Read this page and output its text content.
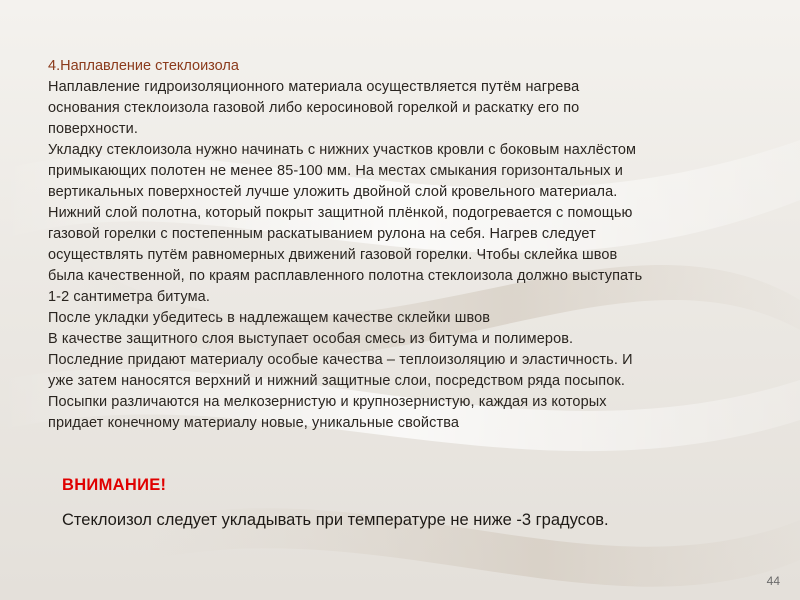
4.Наплавление стеклоизола

Наплавление гидроизоляционного материала осуществляется путём нагрева
основания стеклоизола газовой либо керосиновой горелкой и раскатку его по
поверхности.

Укладку стеклоизола нужно начинать с нижних участков кровли с боковым нахлёстом
примыкающих полотен не менее 85-100 мм. На местах смыкания горизонтальных и
вертикальных поверхностей лучше уложить двойной слой кровельного материала.
Нижний слой полотна, который покрыт защитной плёнкой, подогревается с помощью
газовой горелки с постепенным раскатыванием рулона на себя. Нагрев следует
осуществлять путём равномерных движений газовой горелки. Чтобы склейка швов
была качественной, по краям расплавленного полотна стеклоизола должно выступать
1-2 сантиметра битума.

После укладки убедитесь в надлежащем качестве склейки швов

В качестве защитного слоя выступает особая смесь из битума и полимеров.
Последние придают материалу особые качества – теплоизоляцию и эластичность. И
уже затем наносятся верхний и нижний защитные слои, посредством ряда посыпок.
Посыпки различаются на мелкозернистую и крупнозернистую, каждая из которых
придает конечному материалу новые, уникальные свойства

ВНИМАНИЕ!
Стеклоизол следует укладывать при температуре не ниже -3 градусов.
44
